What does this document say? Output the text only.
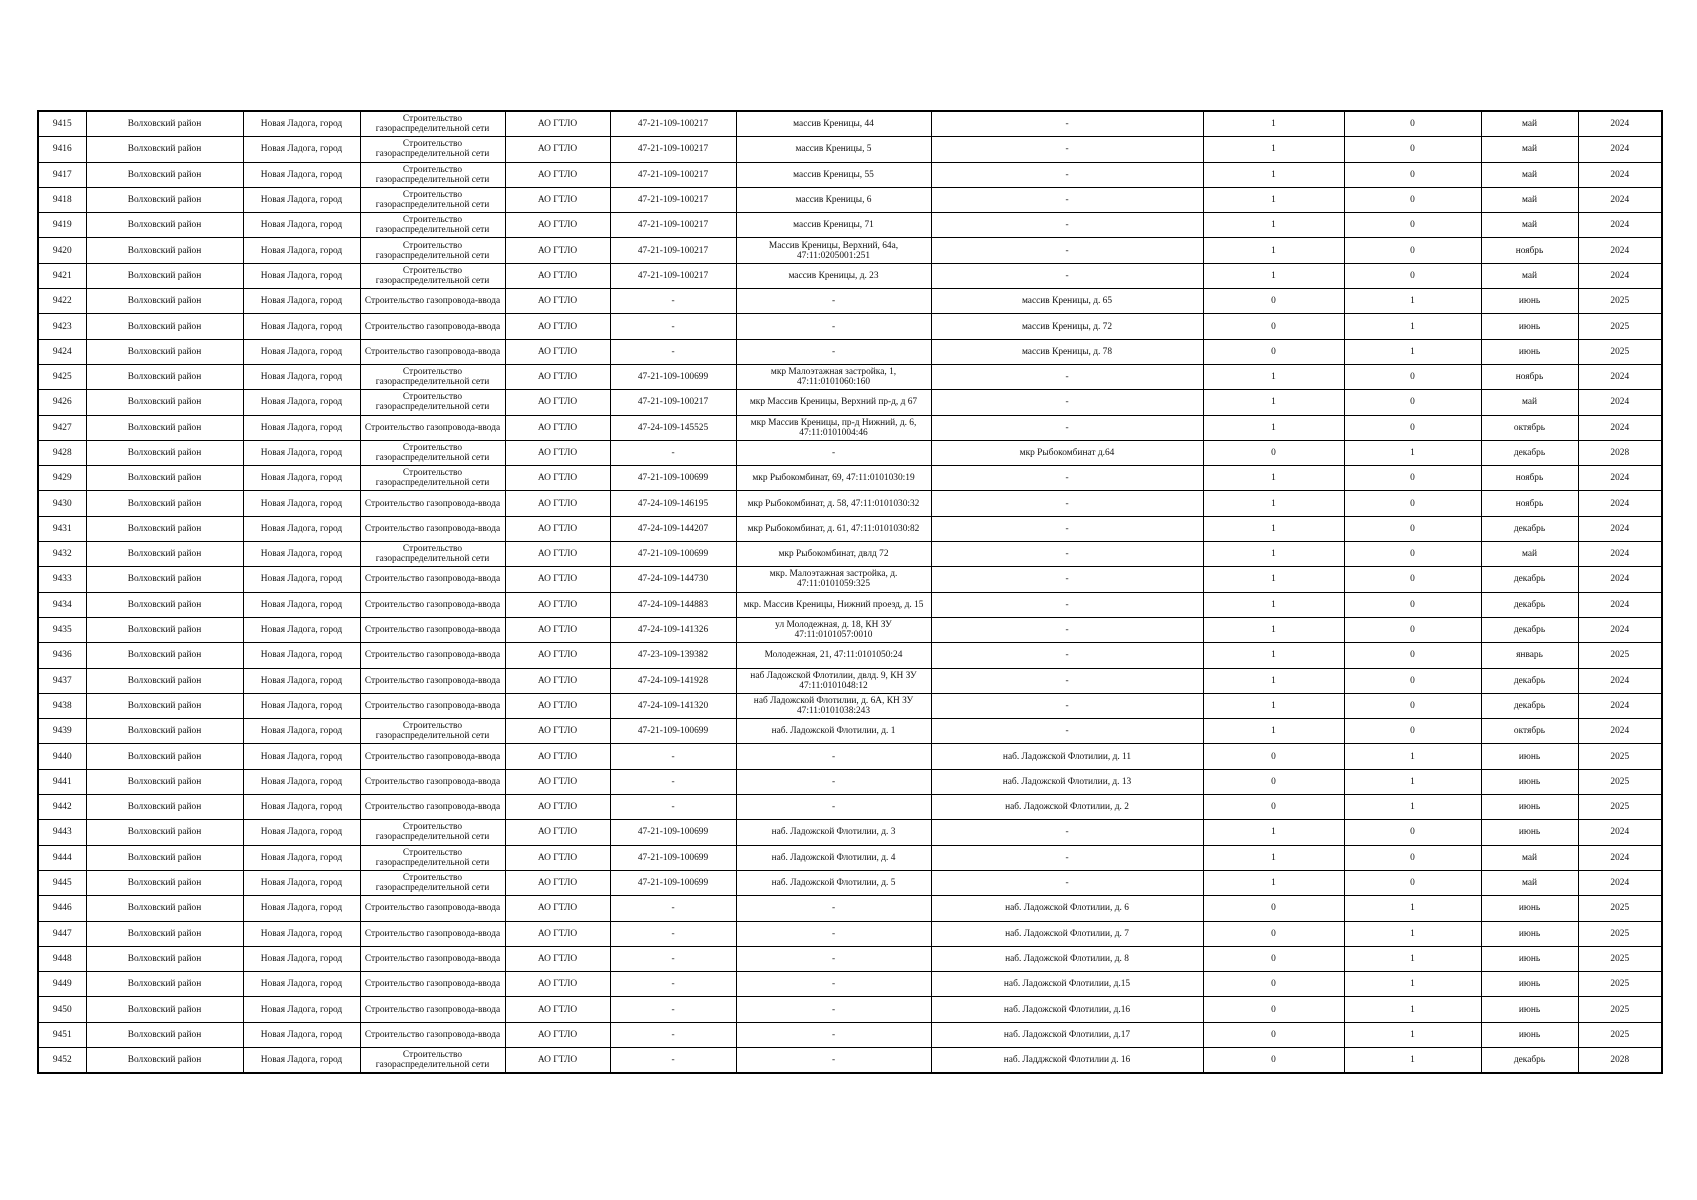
9415	Волховский район	Новая Ладога, город	Строительство газораспределительной сети	АО ГТЛО	47-21-109-100217	массив Креницы, 44	-	1	0	май	2024
9416	Волховский район	Новая Ладога, город	Строительство газораспределительной сети	АО ГТЛО	47-21-109-100217	массив Креницы, 5	-	1	0	май	2024
9417	Волховский район	Новая Ладога, город	Строительство газораспределительной сети	АО ГТЛО	47-21-109-100217	массив Креницы, 55	-	1	0	май	2024
9418	Волховский район	Новая Ладога, город	Строительство газораспределительной сети	АО ГТЛО	47-21-109-100217	массив Креницы, 6	-	1	0	май	2024
9419	Волховский район	Новая Ладога, город	Строительство газораспределительной сети	АО ГТЛО	47-21-109-100217	массив Креницы, 71	-	1	0	май	2024
9420	Волховский район	Новая Ладога, город	Строительство газораспределительной сети	АО ГТЛО	47-21-109-100217	Массив Креницы, Верхний, 64а, 47:11:0205001:251	-	1	0	ноябрь	2024
9421	Волховский район	Новая Ладога, город	Строительство газораспределительной сети	АО ГТЛО	47-21-109-100217	массив Креницы, д. 23	-	1	0	май	2024
9422	Волховский район	Новая Ладога, город	Строительство газопровода-ввода	АО ГТЛО	-	-	массив Креницы, д. 65	0	1	июнь	2025
9423	Волховский район	Новая Ладога, город	Строительство газопровода-ввода	АО ГТЛО	-	-	массив Креницы, д. 72	0	1	июнь	2025
9424	Волховский район	Новая Ладога, город	Строительство газопровода-ввода	АО ГТЛО	-	-	массив Креницы, д. 78	0	1	июнь	2025
9425	Волховский район	Новая Ладога, город	Строительство газораспределительной сети	АО ГТЛО	47-21-109-100699	мкр Малоэтажная застройка, 1, 47:11:0101060:160	-	1	0	ноябрь	2024
9426	Волховский район	Новая Ладога, город	Строительство газораспределительной сети	АО ГТЛО	47-21-109-100217	мкр Массив Креницы, Верхний пр-д, д 67	-	1	0	май	2024
9427	Волховский район	Новая Ладога, город	Строительство газопровода-ввода	АО ГТЛО	47-24-109-145525	мкр Массив Креницы, пр-д Нижний, д. 6, 47:11:0101004:46	-	1	0	октябрь	2024
9428	Волховский район	Новая Ладога, город	Строительство газораспределительной сети	АО ГТЛО	-	-	мкр Рыбокомбинат д.64	0	1	декабрь	2028
9429	Волховский район	Новая Ладога, город	Строительство газораспределительной сети	АО ГТЛО	47-21-109-100699	мкр Рыбокомбинат, 69, 47:11:0101030:19	-	1	0	ноябрь	2024
9430	Волховский район	Новая Ладога, город	Строительство газопровода-ввода	АО ГТЛО	47-24-109-146195	мкр Рыбокомбинат, д. 58, 47:11:0101030:32	-	1	0	ноябрь	2024
9431	Волховский район	Новая Ладога, город	Строительство газопровода-ввода	АО ГТЛО	47-24-109-144207	мкр Рыбокомбинат, д. 61, 47:11:0101030:82	-	1	0	декабрь	2024
9432	Волховский район	Новая Ладога, город	Строительство газораспределительной сети	АО ГТЛО	47-21-109-100699	мкр Рыбокомбинат, двлд 72	-	1	0	май	2024
9433	Волховский район	Новая Ладога, город	Строительство газопровода-ввода	АО ГТЛО	47-24-109-144730	мкр. Малоэтажная застройка, д. 47:11:0101059:325	-	1	0	декабрь	2024
9434	Волховский район	Новая Ладога, город	Строительство газопровода-ввода	АО ГТЛО	47-24-109-144883	мкр. Массив Креницы, Нижний проезд, д. 15	-	1	0	декабрь	2024
9435	Волховский район	Новая Ладога, город	Строительство газопровода-ввода	АО ГТЛО	47-24-109-141326	ул Молодежная, д. 18, КН ЗУ 47:11:0101057:0010	-	1	0	декабрь	2024
9436	Волховский район	Новая Ладога, город	Строительство газопровода-ввода	АО ГТЛО	47-23-109-139382	Молодежная, 21, 47:11:0101050:24	-	1	0	январь	2025
9437	Волховский район	Новая Ладога, город	Строительство газопровода-ввода	АО ГТЛО	47-24-109-141928	наб Ладожской Флотилии, двлд. 9, КН ЗУ 47:11:0101048:12	-	1	0	декабрь	2024
9438	Волховский район	Новая Ладога, город	Строительство газопровода-ввода	АО ГТЛО	47-24-109-141320	наб Ладожской Флотилии, д. 6А, КН ЗУ 47:11:0101038:243	-	1	0	декабрь	2024
9439	Волховский район	Новая Ладога, город	Строительство газораспределительной сети	АО ГТЛО	47-21-109-100699	наб. Ладожской Флотилии, д. 1	-	1	0	октябрь	2024
9440	Волховский район	Новая Ладога, город	Строительство газопровода-ввода	АО ГТЛО	-	-	наб. Ладожской Флотилии, д. 11	0	1	июнь	2025
9441	Волховский район	Новая Ладога, город	Строительство газопровода-ввода	АО ГТЛО	-	-	наб. Ладожской Флотилии, д. 13	0	1	июнь	2025
9442	Волховский район	Новая Ладога, город	Строительство газопровода-ввода	АО ГТЛО	-	-	наб. Ладожской Флотилии, д. 2	0	1	июнь	2025
9443	Волховский район	Новая Ладога, город	Строительство газораспределительной сети	АО ГТЛО	47-21-109-100699	наб. Ладожской Флотилии, д. 3	-	1	0	июнь	2024
9444	Волховский район	Новая Ладога, город	Строительство газораспределительной сети	АО ГТЛО	47-21-109-100699	наб. Ладожской Флотилии, д. 4	-	1	0	май	2024
9445	Волховский район	Новая Ладога, город	Строительство газораспределительной сети	АО ГТЛО	47-21-109-100699	наб. Ладожской Флотилии, д. 5	-	1	0	май	2024
9446	Волховский район	Новая Ладога, город	Строительство газопровода-ввода	АО ГТЛО	-	-	наб. Ладожской Флотилии, д. 6	0	1	июнь	2025
9447	Волховский район	Новая Ладога, город	Строительство газопровода-ввода	АО ГТЛО	-	-	наб. Ладожской Флотилии, д. 7	0	1	июнь	2025
9448	Волховский район	Новая Ладога, город	Строительство газопровода-ввода	АО ГТЛО	-	-	наб. Ладожской Флотилии, д. 8	0	1	июнь	2025
9449	Волховский район	Новая Ладога, город	Строительство газопровода-ввода	АО ГТЛО	-	-	наб. Ладожской Флотилии, д.15	0	1	июнь	2025
9450	Волховский район	Новая Ладога, город	Строительство газопровода-ввода	АО ГТЛО	-	-	наб. Ладожской Флотилии, д.16	0	1	июнь	2025
9451	Волховский район	Новая Ладога, город	Строительство газопровода-ввода	АО ГТЛО	-	-	наб. Ладожской Флотилии, д.17	0	1	июнь	2025
9452	Волховский район	Новая Ладога, город	Строительство газораспределительной сети	АО ГТЛО	-	-	наб. Ладджской Флотилии д. 16	0	1	декабрь	2028
